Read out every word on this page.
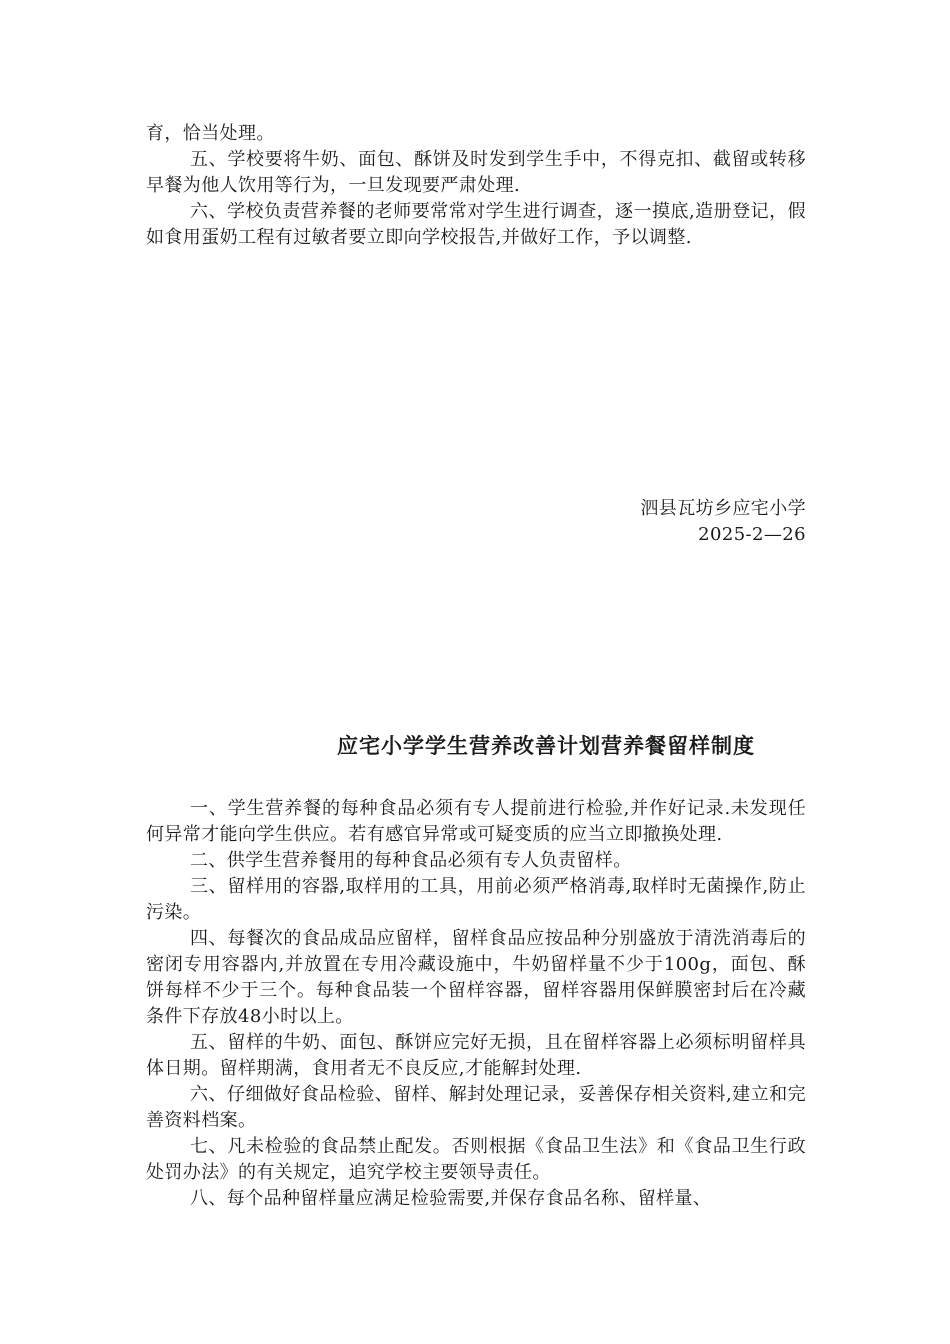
育，恰当处理。

五、学校要将牛奶、面包、酥饼及时发到学生手中，不得克扣、截留或转移早餐为他人饮用等行为，一旦发现要严肃处理.

六、学校负责营养餐的老师要常常对学生进行调查，逐一摸底,造册登记，假如食用蛋奶工程有过敏者要立即向学校报告,并做好工作，予以调整.

泗县瓦坊乡应宅小学
2025-2—26
应宅小学学生营养改善计划营养餐留样制度

一、学生营养餐的每种食品必须有专人提前进行检验,并作好记录.未发现任何异常才能向学生供应。若有感官异常或可疑变质的应当立即撤换处理.

二、供学生营养餐用的每种食品必须有专人负责留样。

三、留样用的容器,取样用的工具，用前必须严格消毒,取样时无菌操作,防止污染。

四、每餐次的食品成品应留样，留样食品应按品种分别盛放于清洗消毒后的密闭专用容器内,并放置在专用冷藏设施中，牛奶留样量不少于100g，面包、酥饼每样不少于三个。每种食品装一个留样容器，留样容器用保鲜膜密封后在冷藏条件下存放48小时以上。

五、留样的牛奶、面包、酥饼应完好无损，且在留样容器上必须标明留样具体日期。留样期满，食用者无不良反应,才能解封处理.

六、仔细做好食品检验、留样、解封处理记录，妥善保存相关资料,建立和完善资料档案。

七、凡未检验的食品禁止配发。否则根据《食品卫生法》和《食品卫生行政处罚办法》的有关规定，追究学校主要领导责任。

八、每个品种留样量应满足检验需要,并保存食品名称、留样量、
